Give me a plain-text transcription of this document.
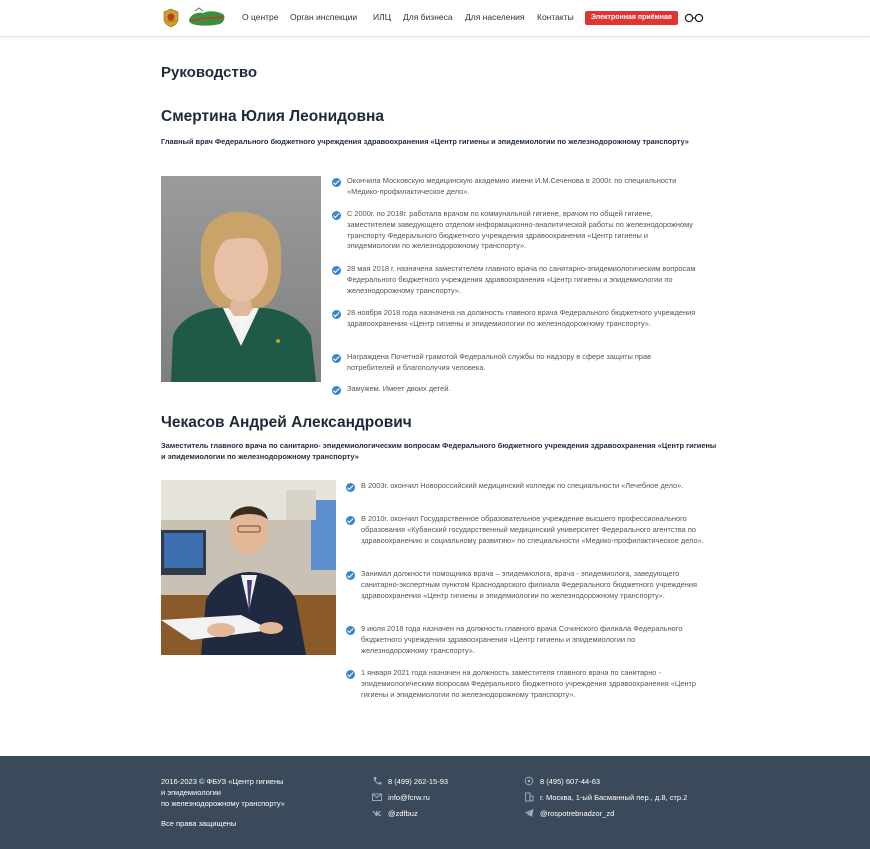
О центре Орган инспекции ИЛЦ Для бизнеса Для населения Контакты	Электронная приёмная
Руководство
Смертина Юлия Леонидовна
Главный врач Федерального бюджетного учреждения здравоохранения «Центр гигиены и эпидемиологии по железнодорожному транспорту»
Окончила Московскую медицинскую академию имени И.М.Сеченова в 2000г. по специальности «Медико-профилактическое дело».
С 2000г. по 2018г. работала врачом по коммунальной гигиене, врачом по общей гигиене, заместителем заведующего отделом информационно-аналитической работы по железнодорожному транспорту Федерального бюджетного учреждения здравоохранения «Центр гигиены и эпидемиологии по железнодорожному транспорту».
28 мая 2018 г. назначена заместителем главного врача по санитарно-эпидемиологическим вопросам Федерального бюджетного учреждения здравоохранения «Центр гигиены и эпидемиологии по железнодорожному транспорту».
28 ноября 2018 года назначена на должность главного врача Федерального бюджетного учреждения здравоохранения «Центр гигиены и эпидемиологии по железнодорожному транспорту».
Награждена Почетной грамотой Федеральной службы по надзору в сфере защиты прав потребителей и благополучия человека.
Замужем. Имеет двоих детей.
Чекасов Андрей Александрович
Заместитель главного врача по санитарно- эпидемиологическим вопросам Федерального бюджетного учреждения здравоохранения «Центр гигиены и эпидемиологии по железнодорожному транспорту»
В 2003г. окончил Новороссийский медицинский колледж по специальности «Лечебное дело».
В 2010г. окончил Государственное образовательное учреждение высшего профессионального образования «Кубанский государственный медицинский университет Федерального агентства по здравоохранению и социальному развитию» по специальности «Медико-профилактическое дело».
Занимал должности помощника врача – эпидемиолога, врача - эпидемиолога, заведующего санитарно-экспертным пунктом Краснодарского филиала Федерального бюджетного учреждения здравоохранения «Центр гигиены и эпидемиологии по железнодорожному транспорту».
9 июля 2018 года назначен на должность главного врача Сочинского филиала Федерального бюджетного учреждения здравоохранения «Центр гигиены и эпидемиологии по железнодорожному транспорту».
1 января 2021 года назначен на должность заместителя главного врача по санитарно - эпидемиологическим вопросам Федерального бюджетного учреждения здравоохранения «Центр гигиены и эпидемиологии по железнодорожному транспорту».
2016-2023 © ФБУЗ «Центр гигиены
и эпидемиологии
по железнодорожному транспорту»
Все права защищены
8 (499) 262-15-93
info@fcrw.ru
@zdfbuz
8 (495) 607-44-63
г. Москва, 1-ый Басманный пер., д.8, стр.2
@rospotrebnadzor_zd
